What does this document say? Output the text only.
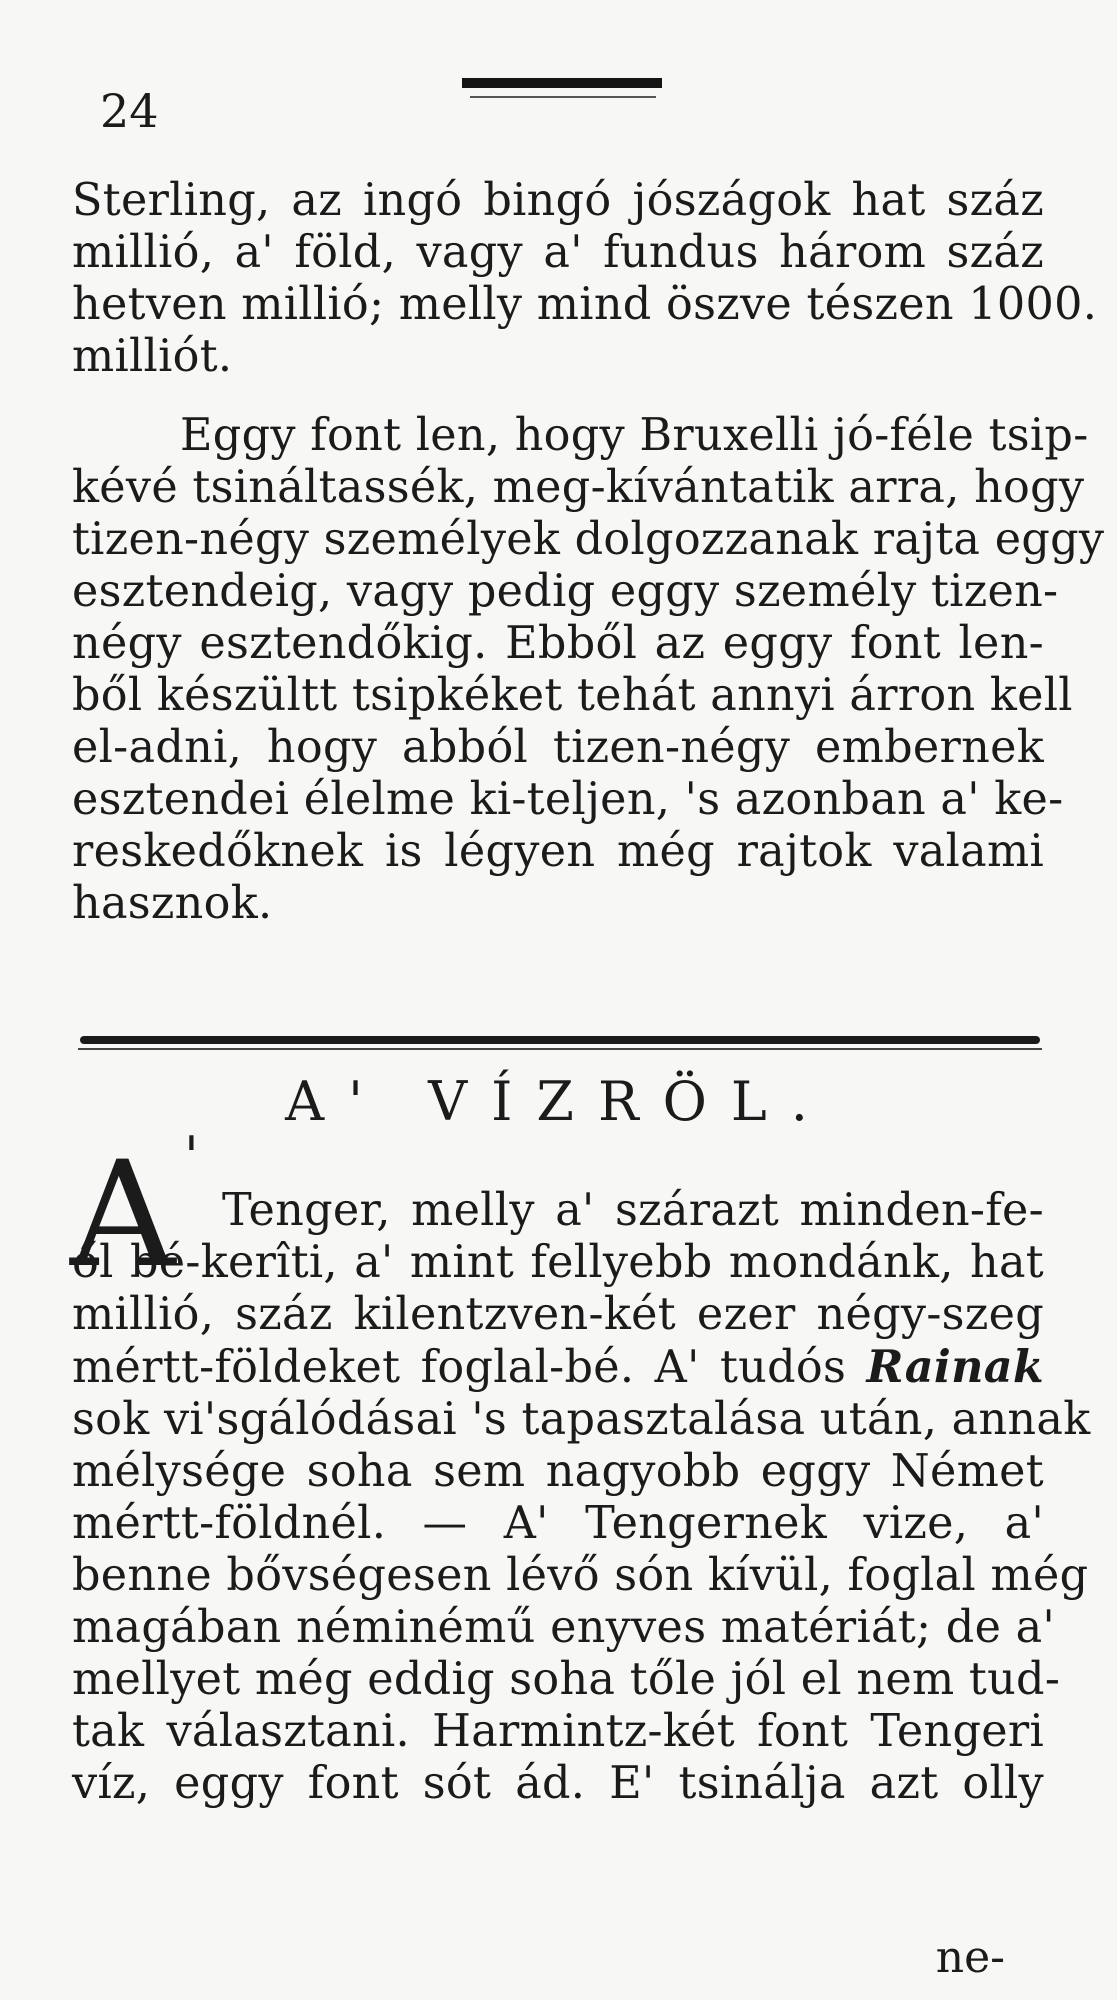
24
Sterling, az ingó bingó jószágok hat száz
millió, a' föld, vagy a' fundus három száz
hetven millió; melly mind öszve tészen 1000.
milliót.
Eggy font len, hogy Bruxelli jó-féle tsip-
kévé tsináltassék, meg-kívántatik arra, hogy
tizen-négy személyek dolgozzanak rajta eggy
esztendeig, vagy pedig eggy személy tizen-
négy esztendőkig. Ebből az eggy font len-
ből készültt tsipkéket tehát annyi árron kell
el-adni, hogy abból tizen-négy embernek
esztendei élelme ki-teljen, 's azonban a' ke-
reskedőknek is légyen még rajtok valami
hasznok.
A' VÍZRÖL.
A '
Tenger, melly a' szárazt minden-fe-
ől bé-kerîti, a' mint fellyebb mondánk, hat
millió, száz kilentzven-két ezer négy-szeg
mértt-földeket foglal-bé. A' tudós Rainak
sok vi'sgálódásai 's tapasztalása után, annak
mélysége soha sem nagyobb eggy Német
mértt-földnél. — A' Tengernek vize, a'
benne bővségesen lévő són kívül, foglal még
magában néminémű enyves matériát; de a'
mellyet még eddig soha tőle jól el nem tud-
tak választani. Harmintz-két font Tengeri
víz, eggy font sót ád. E' tsinálja azt olly
ne-
